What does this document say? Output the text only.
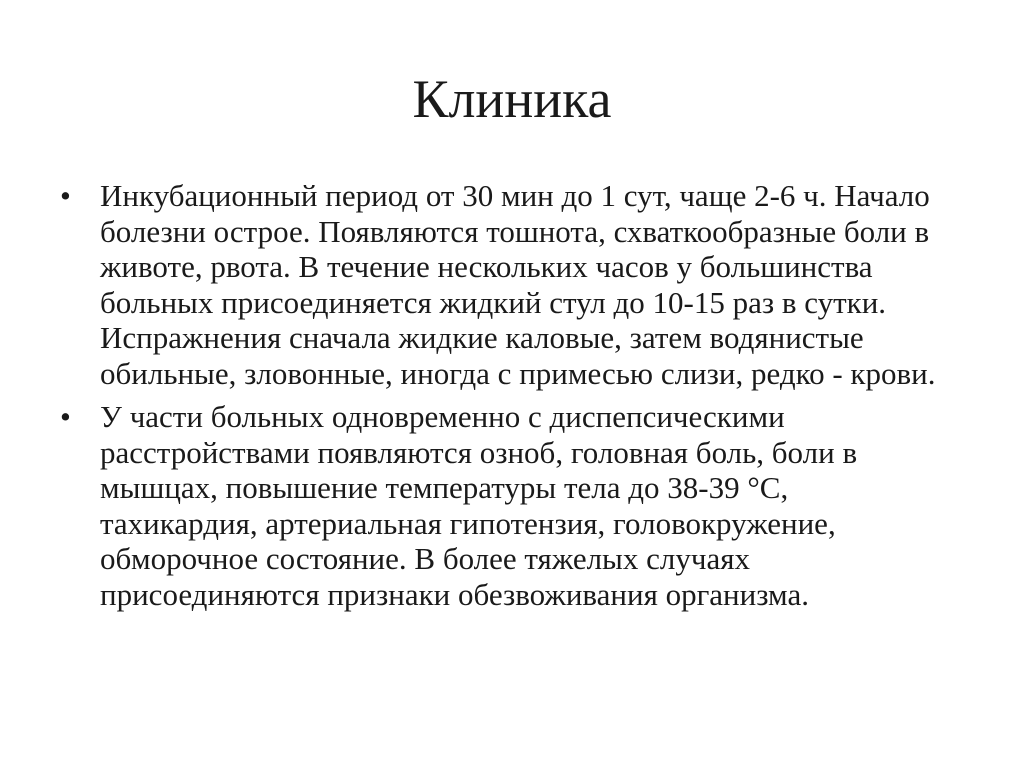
Клиника
• Инкубационный период от 30 мин до 1 сут, чаще 2-6 ч. Начало болезни острое. Появляются тошнота, схваткообразные боли в животе, рвота. В течение нескольких часов у большинства больных присоединяется жидкий стул до 10-15 раз в сутки. Испражнения сначала жидкие каловые, затем водянистые обильные, зловонные, иногда с примесью слизи, редко - крови.
• У части больных одновременно с диспепсическими расстройствами появляются озноб, головная боль, боли в мышцах, повышение температуры тела до 38-39 °С, тахикардия, артериальная гипотензия, головокружение, обморочное состояние. В более тяжелых случаях присоединяются признаки обезвоживания организма.
